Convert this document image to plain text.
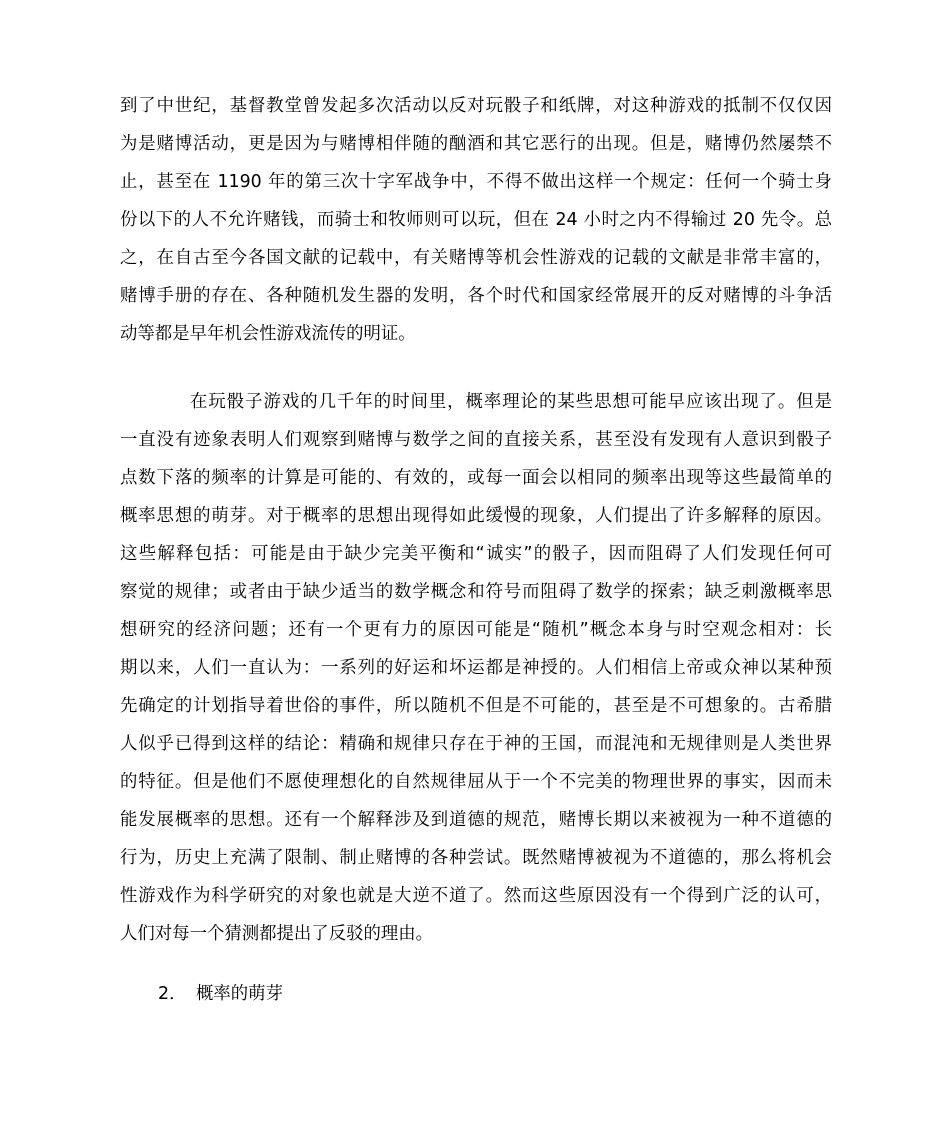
到了中世纪，基督教堂曾发起多次活动以反对玩骰子和纸牌，对这种游戏的抵制不仅仅因
为是赌博活动，更是因为与赌博相伴随的酗酒和其它恶行的出现。但是，赌博仍然屡禁不
止，甚至在 1190 年的第三次十字军战争中，不得不做出这样一个规定：任何一个骑士身
份以下的人不允许赌钱，而骑士和牧师则可以玩，但在 24 小时之内不得输过 20 先令。总
之，在自古至今各国文献的记载中，有关赌博等机会性游戏的记载的文献是非常丰富的，
赌博手册的存在、各种随机发生器的发明，各个时代和国家经常展开的反对赌博的斗争活
动等都是早年机会性游戏流传的明证。
在玩骰子游戏的几千年的时间里，概率理论的某些思想可能早应该出现了。但是
一直没有迹象表明人们观察到赌博与数学之间的直接关系，甚至没有发现有人意识到骰子
点数下落的频率的计算是可能的、有效的，或每一面会以相同的频率出现等这些最简单的
概率思想的萌芽。对于概率的思想出现得如此缓慢的现象，人们提出了许多解释的原因。
这些解释包括：可能是由于缺少完美平衡和“诚实”的骰子，因而阻碍了人们发现任何可
察觉的规律；或者由于缺少适当的数学概念和符号而阻碍了数学的探索；缺乏刺激概率思
想研究的经济问题；还有一个更有力的原因可能是“随机”概念本身与时空观念相对：长
期以来，人们一直认为：一系列的好运和坏运都是神授的。人们相信上帝或众神以某种预
先确定的计划指导着世俗的事件，所以随机不但是不可能的，甚至是不可想象的。古希腊
人似乎已得到这样的结论：精确和规律只存在于神的王国，而混沌和无规律则是人类世界
的特征。但是他们不愿使理想化的自然规律屈从于一个不完美的物理世界的事实，因而未
能发展概率的思想。还有一个解释涉及到道德的规范，赌博长期以来被视为一种不道德的
行为，历史上充满了限制、制止赌博的各种尝试。既然赌博被视为不道德的，那么将机会
性游戏作为科学研究的对象也就是大逆不道了。然而这些原因没有一个得到广泛的认可，
人们对每一个猜测都提出了反驳的理由。
2． 概率的萌芽
